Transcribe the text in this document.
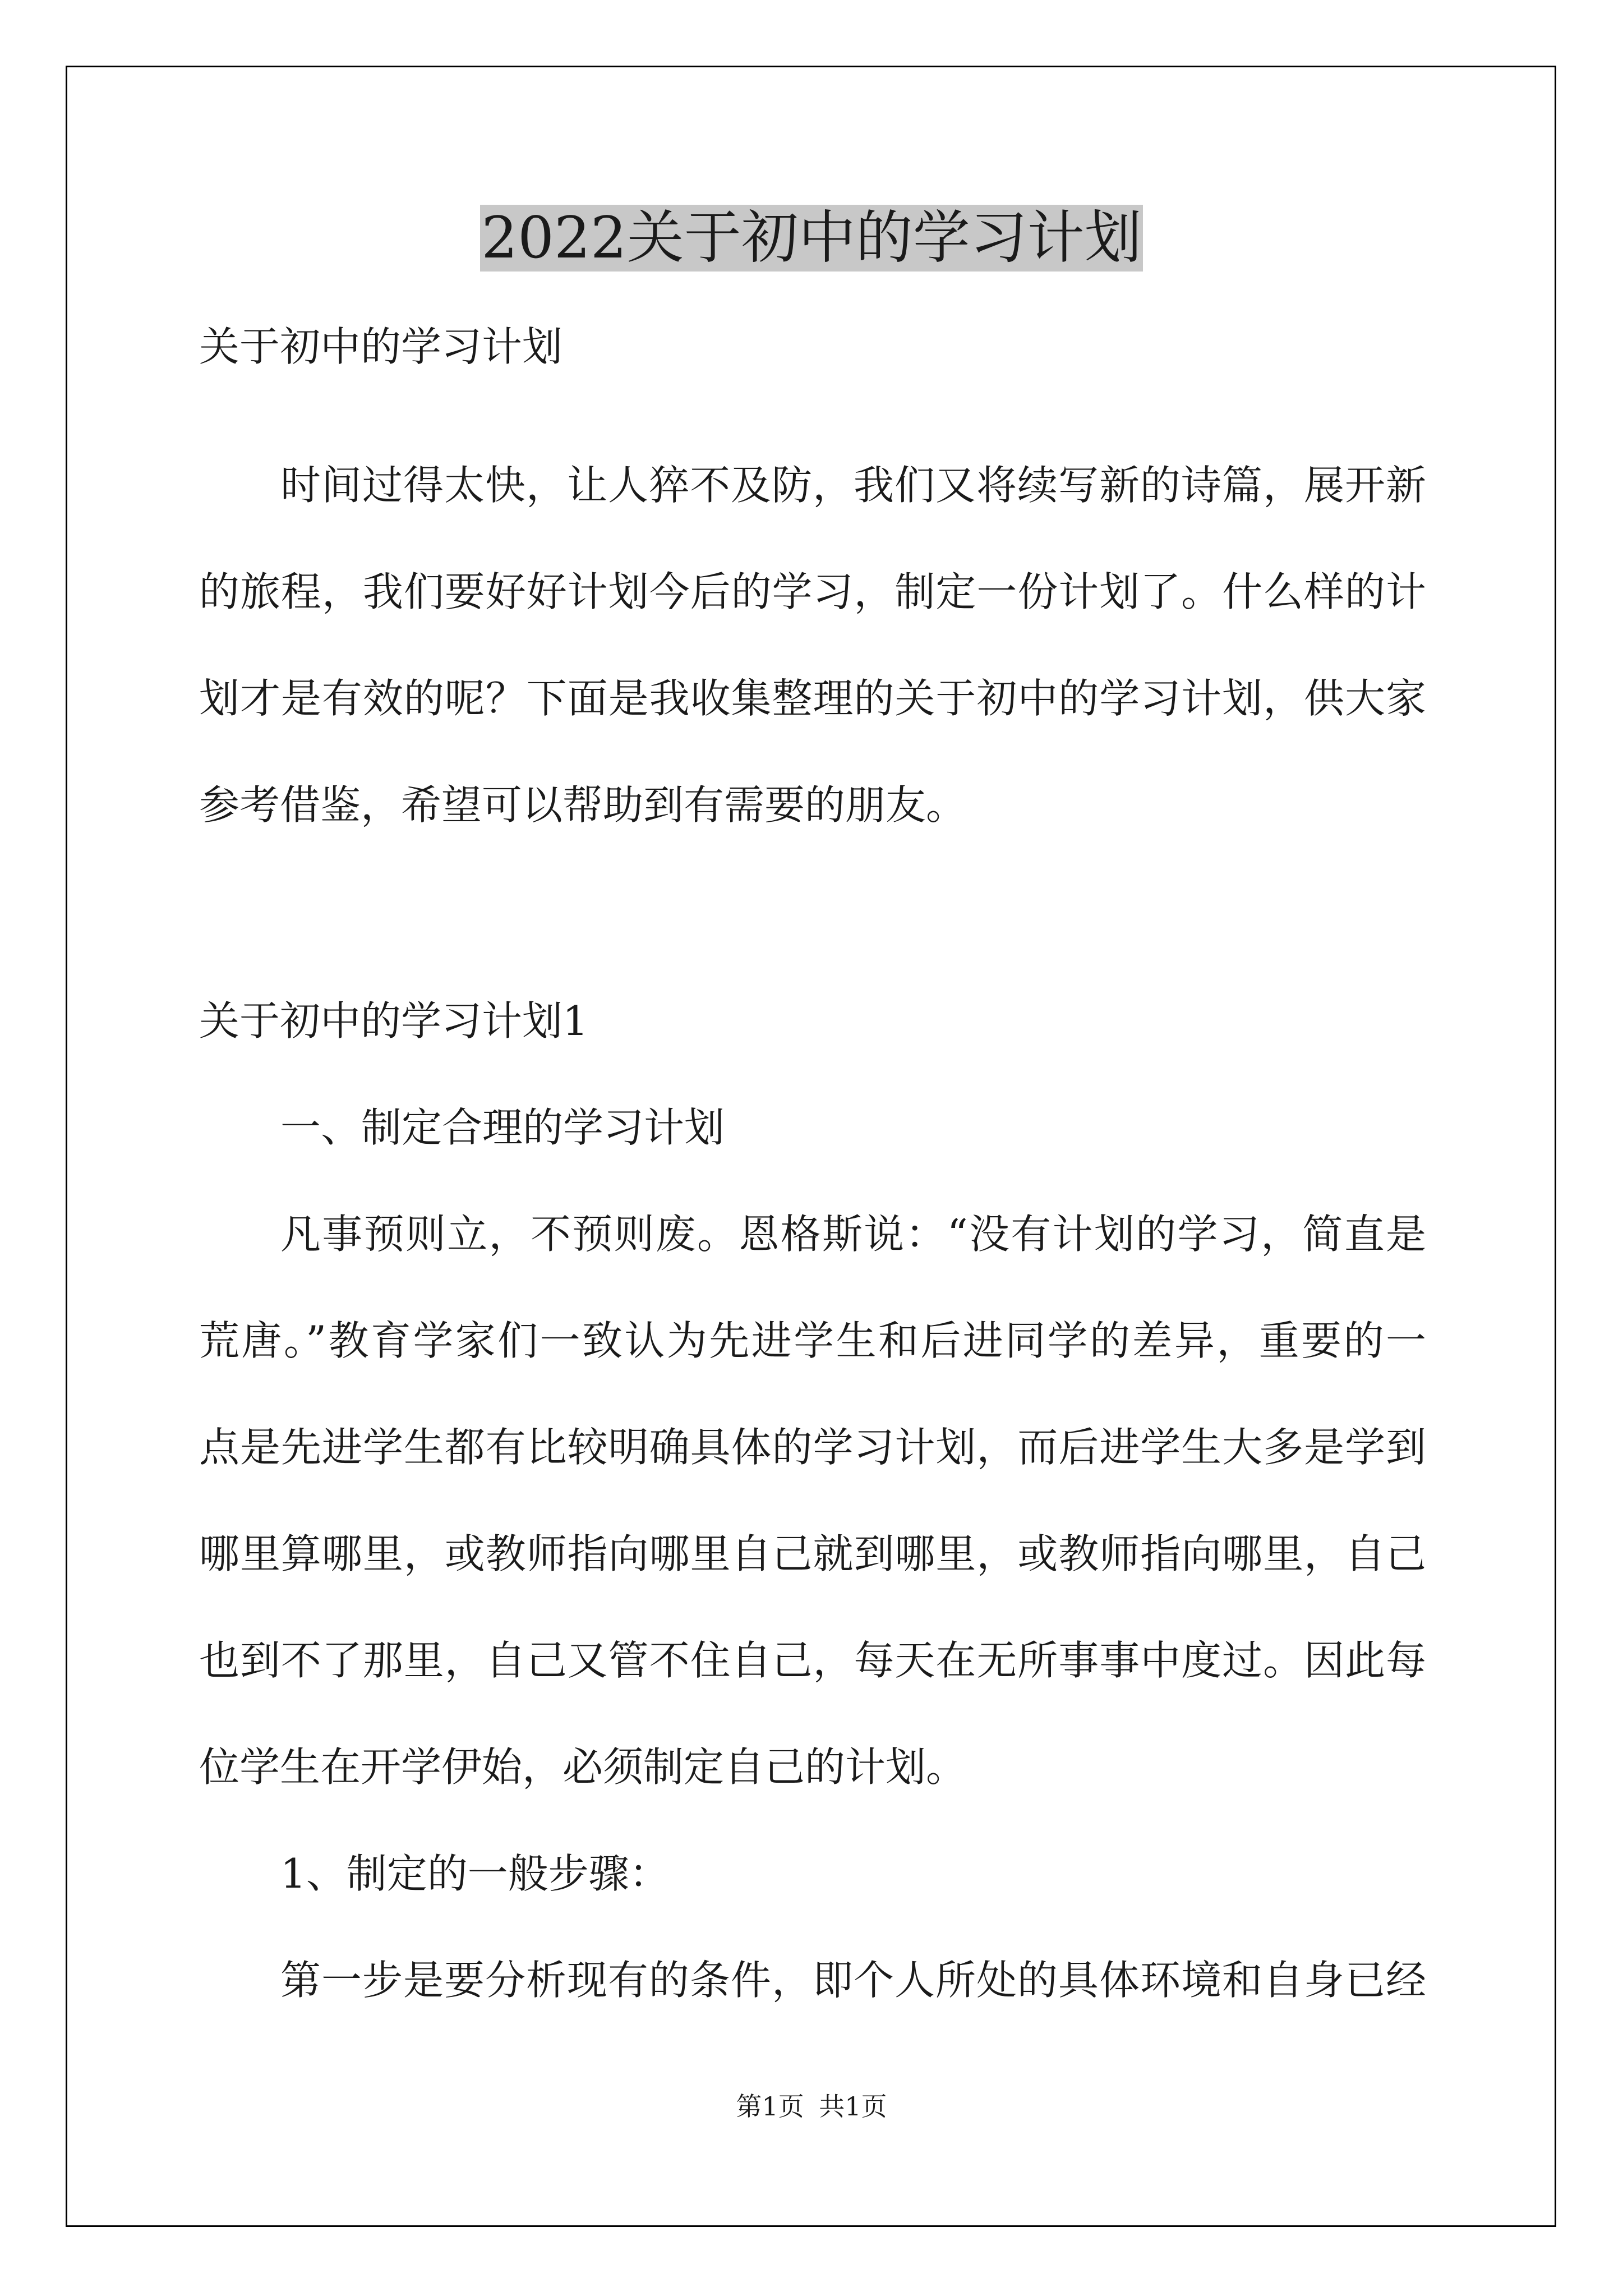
2022关于初中的学习计划
关于初中的学习计划
时间过得太快，让人猝不及防，我们又将续写新的诗篇，展开新
的旅程，我们要好好计划今后的学习，制定一份计划了。什么样的计
划才是有效的呢？下面是我收集整理的关于初中的学习计划，供大家
参考借鉴，希望可以帮助到有需要的朋友。
关于初中的学习计划1
一、制定合理的学习计划
凡事预则立，不预则废。恩格斯说：“没有计划的学习，简直是
荒唐。”教育学家们一致认为先进学生和后进同学的差异，重要的一
点是先进学生都有比较明确具体的学习计划，而后进学生大多是学到
哪里算哪里，或教师指向哪里自己就到哪里，或教师指向哪里，自己
也到不了那里，自己又管不住自己，每天在无所事事中度过。因此每
位学生在开学伊始，必须制定自己的计划。
1、制定的一般步骤：
第一步是要分析现有的条件，即个人所处的具体环境和自身已经
第1页 共1页
